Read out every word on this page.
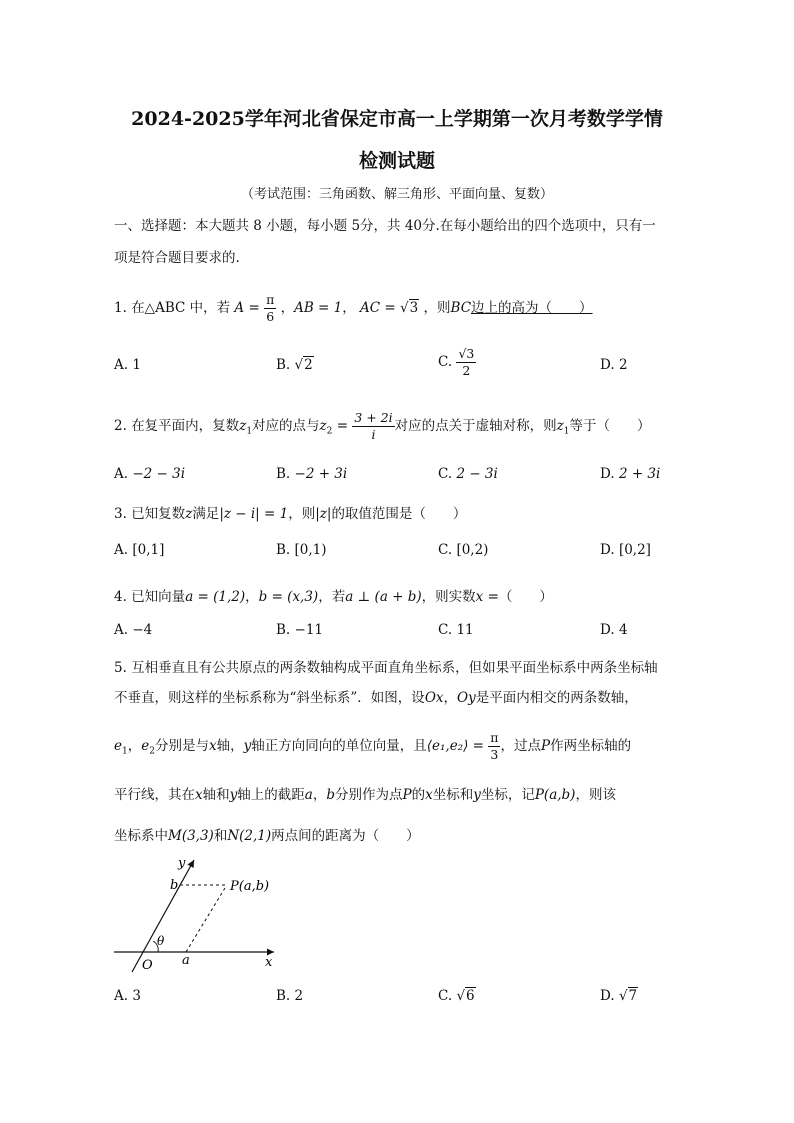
2024-2025学年河北省保定市高一上学期第一次月考数学学情
检测试题
（考试范围：三角函数、解三角形、平面向量、复数）
一、选择题：本大题共 8 小题，每小题 5分，共 40分.在每小题给出的四个选项中，只有一
项是符合题目要求的.
1. 在△ABC 中，若 $A = \frac{\pi}{6}$ ，AB = 1， AC = √3 ，则BC边上的高为（　　）
A. 1	B. √2	C. $\frac{√3}{2}$	D. 2
2. 在复平面内，复数$z_1$对应的点与$z_2 = \frac{3 + 2i}{i}$ 对应的点关于虚轴对称，则$z_1$等于（　　）
A. −2 − 3i	B. −2 + 3i	C. 2 − 3i	D. 2 + 3i
3. 已知复数z满足|z − i| = 1，则|z|的取值范围是（　　）
A. [0,1]	B. [0,1)	C. [0,2)	D. [0,2]
4. 已知向量a = (1,2)，b = (x,3)，若a ⊥ (a + b)，则实数x =（　　）
A. −4	B. −11	C. 11	D. 4
5. 互相垂直且有公共原点的两条数轴构成平面直角坐标系，但如果平面坐标系中两条坐标轴
不垂直，则这样的坐标系称为“斜坐标系”．如图，设Ox，Oy是平面内相交的两条数轴，
$e_1$，$e_2$分别是与x轴，y轴正方向同向的单位向量，且⟨e₁,e₂⟩ = $\frac{\pi}{3}$ ，过点P作两坐标轴的
平行线，其在x轴和y轴上的截距a，b分别作为点P的x坐标和y坐标，记P(a,b)，则该
坐标系中M(3,3)和N(2,1)两点间的距离为（　　）
y
b	P(a,b)
θ
O a	x
A. 3	B. 2	C. √6	D. √7
